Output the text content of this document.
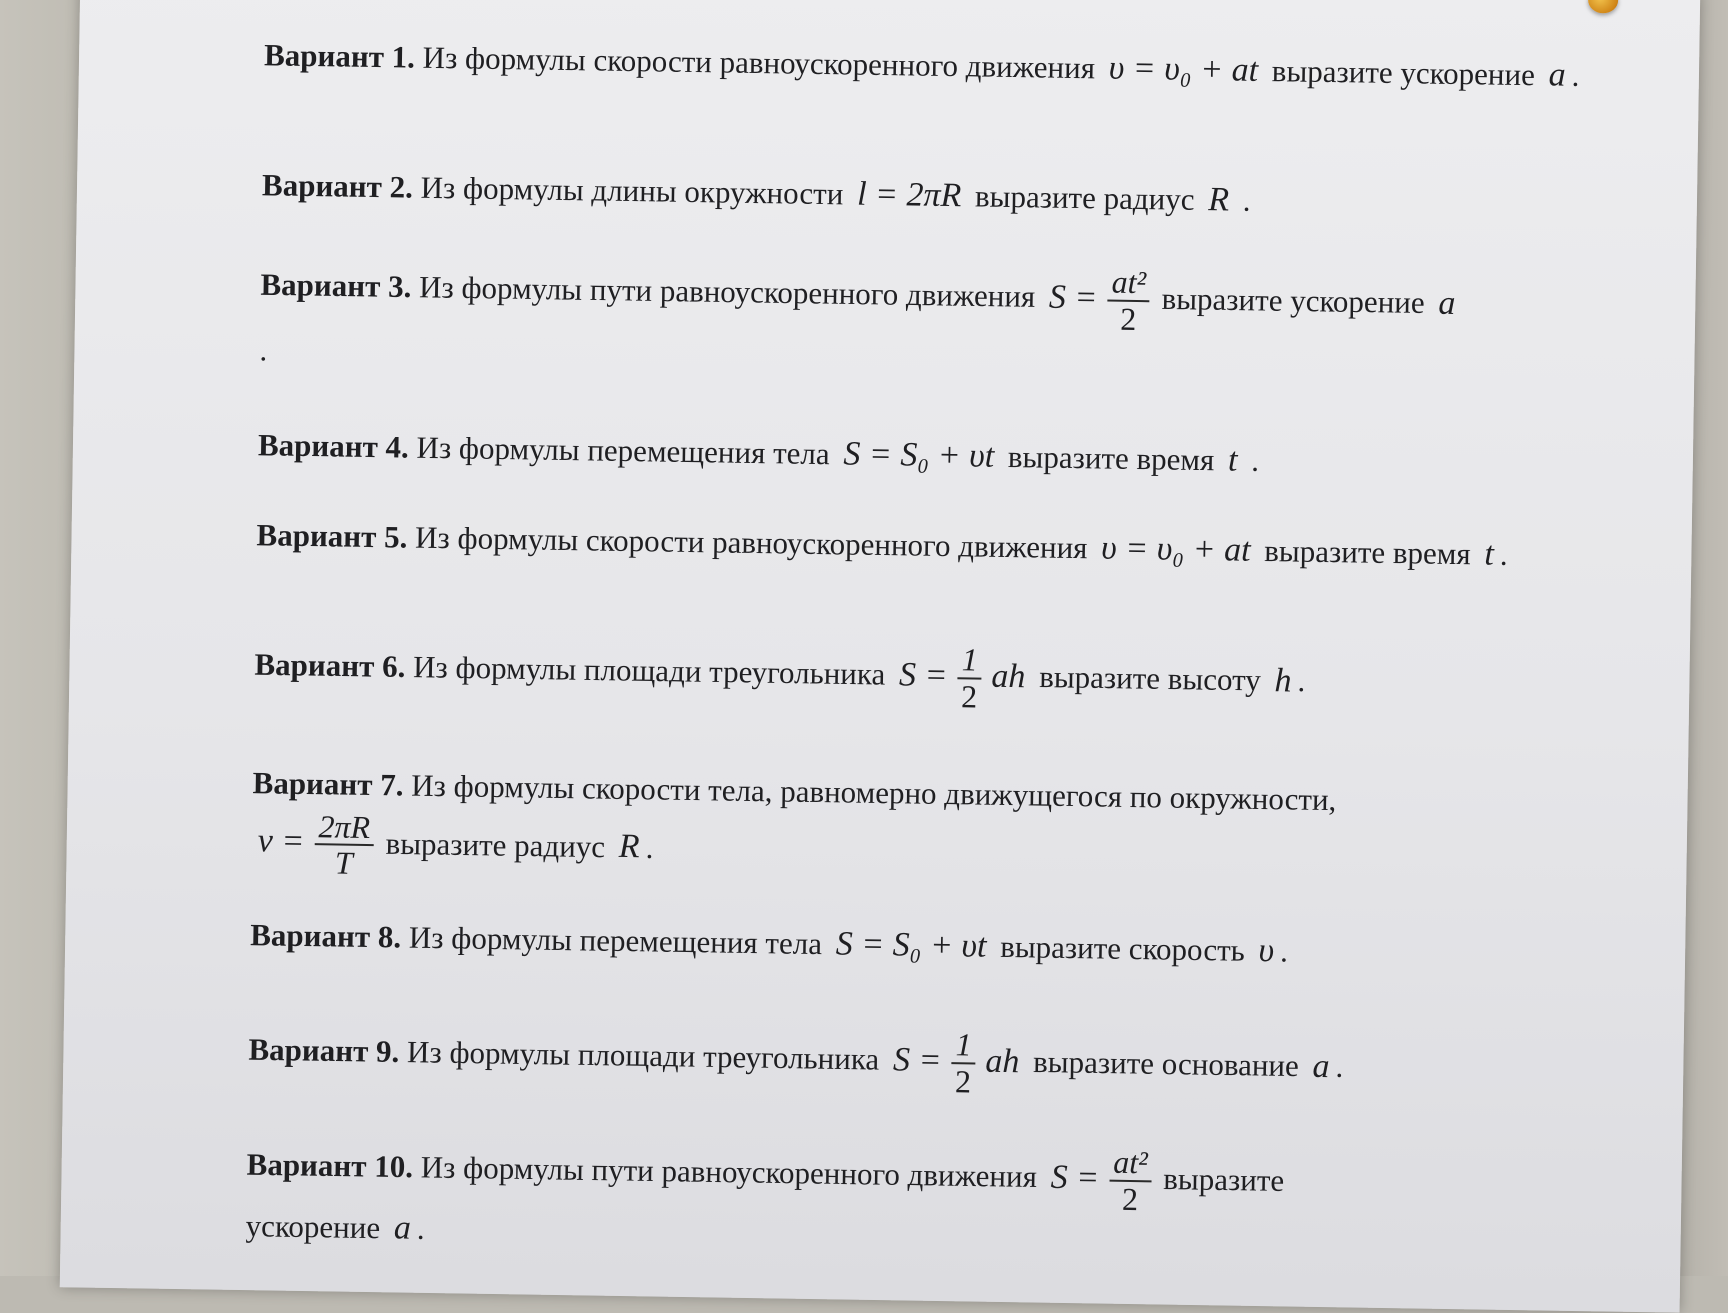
Вариант 1. Из формулы скорости равноускоренного движения υ = υ₀ + at выразите ускорение a .
Вариант 2. Из формулы длины окружности l = 2πR выразите радиус R .
Вариант 3. Из формулы пути равноускоренного движения $S = \frac{\text{at²}}{2}$ выразите ускорение a
.
Вариант 4. Из формулы перемещения тела S = S₀ + υt выразите время t .
Вариант 5. Из формулы скорости равноускоренного движения υ = υ₀ + at выразите время t .
Вариант 6. Из формулы площади треугольника $S = \frac{1}{2}$ ah выразите высоту h .
Вариант 7. Из формулы скорости тела, равномерно движущегося по окружности,
$\nu = \frac{2\pi R}{T}$ выразите радиус R .
Вариант 8. Из формулы перемещения тела S = S₀ + υt выразите скорость υ .
Вариант 9. Из формулы площади треугольника $S = \frac{1}{2}$ ah выразите основание a .
Вариант 10. Из формулы пути равноускоренного движения $S = \frac{\text{at²}}{2}$ выразите
ускорение a .
